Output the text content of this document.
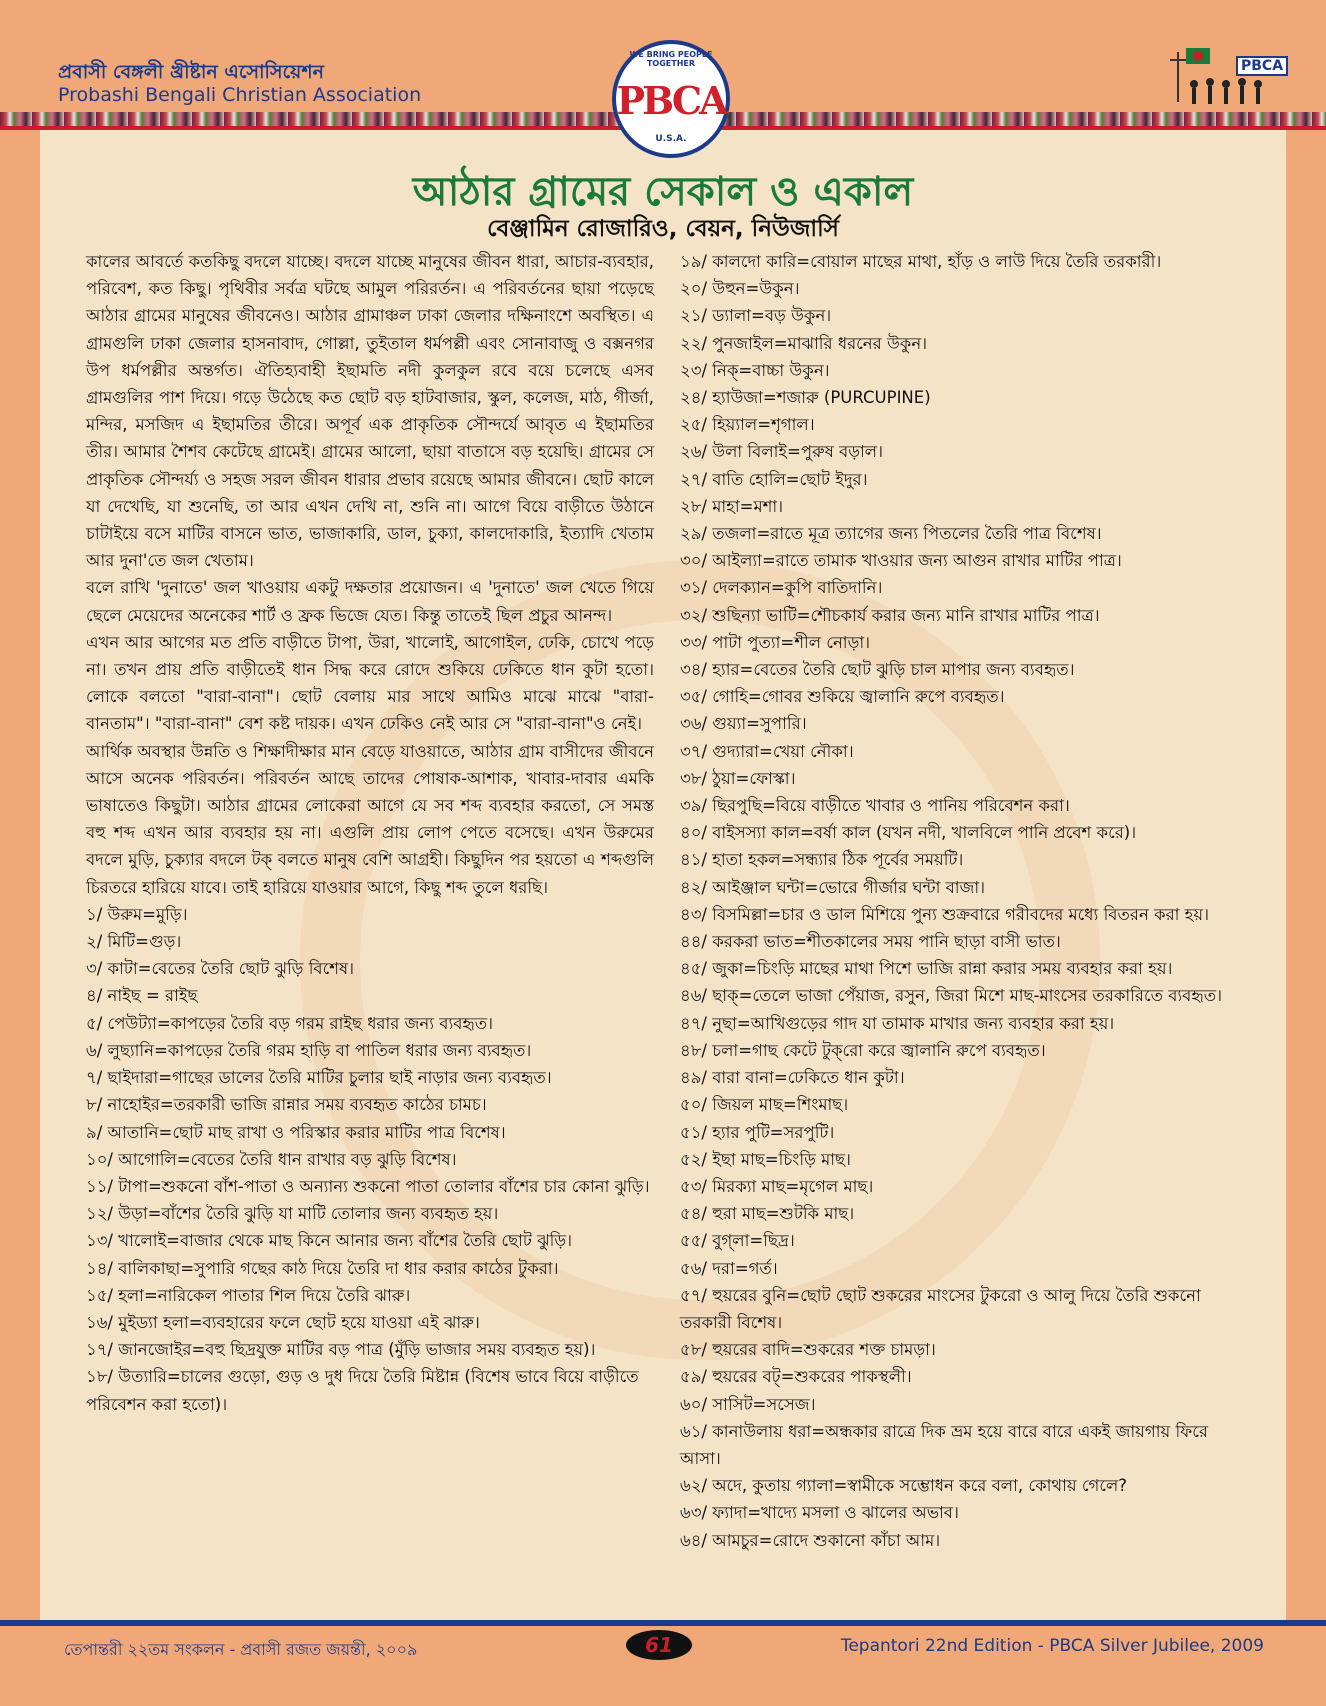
প্রবাসী বেঙ্গলী খ্রীষ্টান এসোসিয়েশন
Probashi Bengali Christian Association
PBCA
WE BRING PEOPLE TOGETHER
PBCA
U.S.A.
আঠার গ্রামের সেকাল ও একাল
বেঞ্জামিন রোজারিও, বেয়ন, নিউজার্সি

কালের আবর্তে কতকিছু বদলে যাচ্ছে। বদলে যাচ্ছে মানুষের জীবন ধারা, আচার-ব্যবহার, পরিবেশ, কত কিছু। পৃথিবীর সর্বত্র ঘটছে আমুল পরিরর্তন। এ পরিবর্তনের ছায়া পড়েছে আঠার গ্রামের মানুষের জীবনেও। আঠার গ্রামাঞ্চল ঢাকা জেলার দক্ষিনাংশে অবস্থিত। এ গ্রামগুলি ঢাকা জেলার হাসনাবাদ, গোল্লা, তুইতাল ধর্মপল্লী এবং সোনাবাজু ও বক্সনগর উপ ধর্মপল্লীর অন্তর্গত। ঐতিহ্যবাহী ইছামতি নদী কুলকুল রবে বয়ে চলেছে এসব গ্রামগুলির পাশ দিয়ে। গড়ে উঠেছে কত ছোট বড় হাটবাজার, স্কুল, কলেজ, মাঠ, গীর্জা, মন্দির, মসজিদ এ ইছামতির তীরে। অপূর্ব এক প্রাকৃতিক সৌন্দর্যে আবৃত এ ইছামতির তীর। আমার শৈশব কেটেছে গ্রামেই। গ্রামের আলো, ছায়া বাতাসে বড় হয়েছি। গ্রামের সে প্রাকৃতিক সৌন্দর্য্য ও সহজ সরল জীবন ধারার প্রভাব রয়েছে আমার জীবনে। ছোট কালে যা দেখেছি, যা শুনেছি, তা আর এখন দেখি না, শুনি না। আগে বিয়ে বাড়ীতে উঠানে চাটাইয়ে বসে মাটির বাসনে ভাত, ভাজাকারি, ডাল, চুক্যা, কালদোকারি, ইত্যাদি খেতাম আর দুনা'তে জল খেতাম।

বলে রাখি 'দুনাতে' জল খাওয়ায় একটু দক্ষতার প্রয়োজন। এ 'দুনাতে' জল খেতে গিয়ে ছেলে মেয়েদের অনেকের শার্ট ও ফ্রক ভিজে যেত। কিন্তু তাতেই ছিল প্রচুর আনন্দ।

এখন আর আগের মত প্রতি বাড়ীতে টাপা, উরা, খালোই, আগোইল, ঢেকি, চোখে পড়ে না। তখন প্রায় প্রতি বাড়ীতেই ধান সিদ্ধ করে রোদে শুকিয়ে ঢেকিতে ধান কুটা হতো। লোকে বলতো "বারা-বানা"। ছোট বেলায় মার সাথে আমিও মাঝে মাঝে "বারা-বানতাম"। "বারা-বানা" বেশ কষ্ট দায়ক। এখন ঢেকিও নেই আর সে "বারা-বানা"ও নেই।

আর্থিক অবস্থার উন্নতি ও শিক্ষাদীক্ষার মান বেড়ে যাওয়াতে, আঠার গ্রাম বাসীদের জীবনে আসে অনেক পরিবর্তন। পরিবর্তন আছে তাদের পোষাক-আশাক, খাবার-দাবার এমকি ভাষাতেও কিছুটা। আঠার গ্রামের লোকেরা আগে যে সব শব্দ ব্যবহার করতো, সে সমস্ত বহু শব্দ এখন আর ব্যবহার হয় না। এগুলি প্রায় লোপ পেতে বসেছে। এখন উরুমের বদলে মুড়ি, চুক্যার বদলে টক্ বলতে মানুষ বেশি আগ্রহী। কিছুদিন পর হয়তো এ শব্দগুলি চিরতরে হারিয়ে যাবে। তাই হারিয়ে যাওয়ার আগে, কিছু শব্দ তুলে ধরছি।

১/ উরুম=মুড়ি।

২/ মিটি=গুড়।

৩/ কাটা=বেতের তৈরি ছোট ঝুড়ি বিশেষ।

৪/ নাইছ = রাইছ

৫/ পেউট্যা=কাপড়ের তৈরি বড় গরম রাইছ ধরার জন্য ব্যবহৃত।

৬/ লুছ্যানি=কাপড়ের তৈরি গরম হাড়ি বা পাতিল ধরার জন্য ব্যবহৃত।

৭/ ছাইদারা=গাছের ডালের তৈরি মাটির চুলার ছাই নাড়ার জন্য ব্যবহৃত।

৮/ নাহোইর=তরকারী ভাজি রান্নার সময় ব্যবহৃত কাঠের চামচ।

৯/ আতানি=ছোট মাছ রাখা ও পরিস্কার করার মাটির পাত্র বিশেষ।

১০/ আগোলি=বেতের তৈরি ধান রাখার বড় ঝুড়ি বিশেষ।

১১/ টাপা=শুকনো বাঁশ-পাতা ও অন্যান্য শুকনো পাতা তোলার বাঁশের চার কোনা ঝুড়ি।

১২/ উড়া=বাঁশের তৈরি ঝুড়ি যা মাটি তোলার জন্য ব্যবহৃত হয়।

১৩/ খালোই=বাজার থেকে মাছ কিনে আনার জন্য বাঁশের তৈরি ছোট ঝুড়ি।

১৪/ বালিকাছা=সুপারি গছের কাঠ দিয়ে তৈরি দা ধার করার কাঠের টুকরা।

১৫/ হলা=নারিকেল পাতার শিল দিয়ে তৈরি ঝারু।

১৬/ মুইড্যা হলা=ব্যবহারের ফলে ছোট হয়ে যাওয়া এই ঝারু।

১৭/ জানজোইর=বহু ছিদ্রযুক্ত মাটির বড় পাত্র (মুঁড়ি ভাজার সময় ব্যবহৃত হয়)।

১৮/ উত্যারি=চালের গুড়ো, গুড় ও দুধ দিয়ে তৈরি মিষ্টান্ন (বিশেষ ভাবে বিয়ে বাড়ীতে পরিবেশন করা হতো)।

১৯/ কালদো কারি=বোয়াল মাছের মাথা, হাঁড় ও লাউ দিয়ে তৈরি তরকারী।

২০/ উহুন=উকুন।

২১/ ড্যালা=বড় উকুন।

২২/ পুনজাইল=মাঝারি ধরনের উকুন।

২৩/ নিক্=বাচ্চা উকুন।

২৪/ হ্যাউজা=শজারু (PURCUPINE)

২৫/ হিয়্যাল=শৃগাল।

২৬/ উলা বিলাই=পুরুষ বড়াল।

২৭/ বাতি হোলি=ছোট ইদুর।

২৮/ মাহা=মশা।

২৯/ তজলা=রাতে মূত্র ত্যাগের জন্য পিতলের তৈরি পাত্র বিশেষ।

৩০/ আইল্যা=রাতে তামাক খাওয়ার জন্য আগুন রাখার মাটির পাত্র।

৩১/ দেলক্যান=কুপি বাতিদানি।

৩২/ শুছিন্যা ভাটি=শৌচকার্য করার জন্য মানি রাখার মাটির পাত্র।

৩৩/ পাটা পুত্যা=শীল নোড়া।

৩৪/ হ্যার=বেতের তৈরি ছোট ঝুড়ি চাল মাপার জন্য ব্যবহৃত।

৩৫/ গোহি=গোবর শুকিয়ে জ্বালানি রুপে ব্যবহৃত।

৩৬/ গুয়্যা=সুপারি।

৩৭/ গুদ্যারা=খেয়া নৌকা।

৩৮/ ঠুয়া=ফোস্কা।

৩৯/ ছিরপুছি=বিয়ে বাড়ীতে খাবার ও পানিয় পরিবেশন করা।

৪০/ বাইসস্যা কাল=বর্ষা কাল (যখন নদী, খালবিলে পানি প্রবেশ করে)।

৪১/ হাতা হকল=সন্ধ্যার ঠিক পূর্বের সময়টি।

৪২/ আইঞ্জাল ঘন্টা=ভোরে গীর্জার ঘন্টা বাজা।

৪৩/ বিসমিল্লা=চার ও ডাল মিশিয়ে পুন্য শুক্রবারে গরীবদের মধ্যে বিতরন করা হয়।

৪৪/ করকরা ভাত=শীতকালের সময় পানি ছাড়া বাসী ভাত।

৪৫/ জুকা=চিংড়ি মাছের মাথা পিশে ভাজি রান্না করার সময় ব্যবহার করা হয়।

৪৬/ ছাক্=তেলে ভাজা পেঁয়াজ, রসুন, জিরা মিশে মাছ-মাংসের তরকারিতে ব্যবহৃত।

৪৭/ নুছা=আখিগুড়ের গাদ যা তামাক মাখার জন্য ব্যবহার করা হয়।

৪৮/ চলা=গাছ কেটে টুক্‌রো করে জ্বালানি রুপে ব্যবহৃত।

৪৯/ বারা বানা=ঢেকিতে ধান কুটা।

৫০/ জিয়ল মাছ=শিংমাছ।

৫১/ হ্যার পুটি=সরপুটি।

৫২/ ইছা মাছ=চিংড়ি মাছ।

৫৩/ মিরক্যা মাছ=মৃগেল মাছ।

৫৪/ হুরা মাছ=শুটকি মাছ।

৫৫/ বুগ্‌লা=ছিদ্র।

৫৬/ দরা=গর্ত।

৫৭/ হুয়রের বুনি=ছোট ছোট শুকরের মাংসের টুকরো ও আলু দিয়ে তৈরি শুকনো তরকারী বিশেষ।

৫৮/ হুয়রের বাদি=শুকরের শক্ত চামড়া।

৫৯/ হুয়রের বট্=শুকরের পাকস্থলী।

৬০/ সাসিট=সসেজ।

৬১/ কানাউলায় ধরা=অন্ধকার রাত্রে দিক ভ্রম হয়ে বারে বারে একই জায়গায় ফিরে আসা।

৬২/ অদে, কুতায় গ্যালা=স্বামীকে সম্ভোধন করে বলা, কোথায় গেলে?

৬৩/ ফ্যাদা=খাদ্যে মসলা ও ঝালের অভাব।

৬৪/ আমচুর=রোদে শুকানো কাঁচা আম।

তেপান্তরী ২২তম সংকলন - প্রবাসী রজত জয়ন্তী, ২০০৯	61	Tepantori 22nd Edition - PBCA Silver Jubilee, 2009
